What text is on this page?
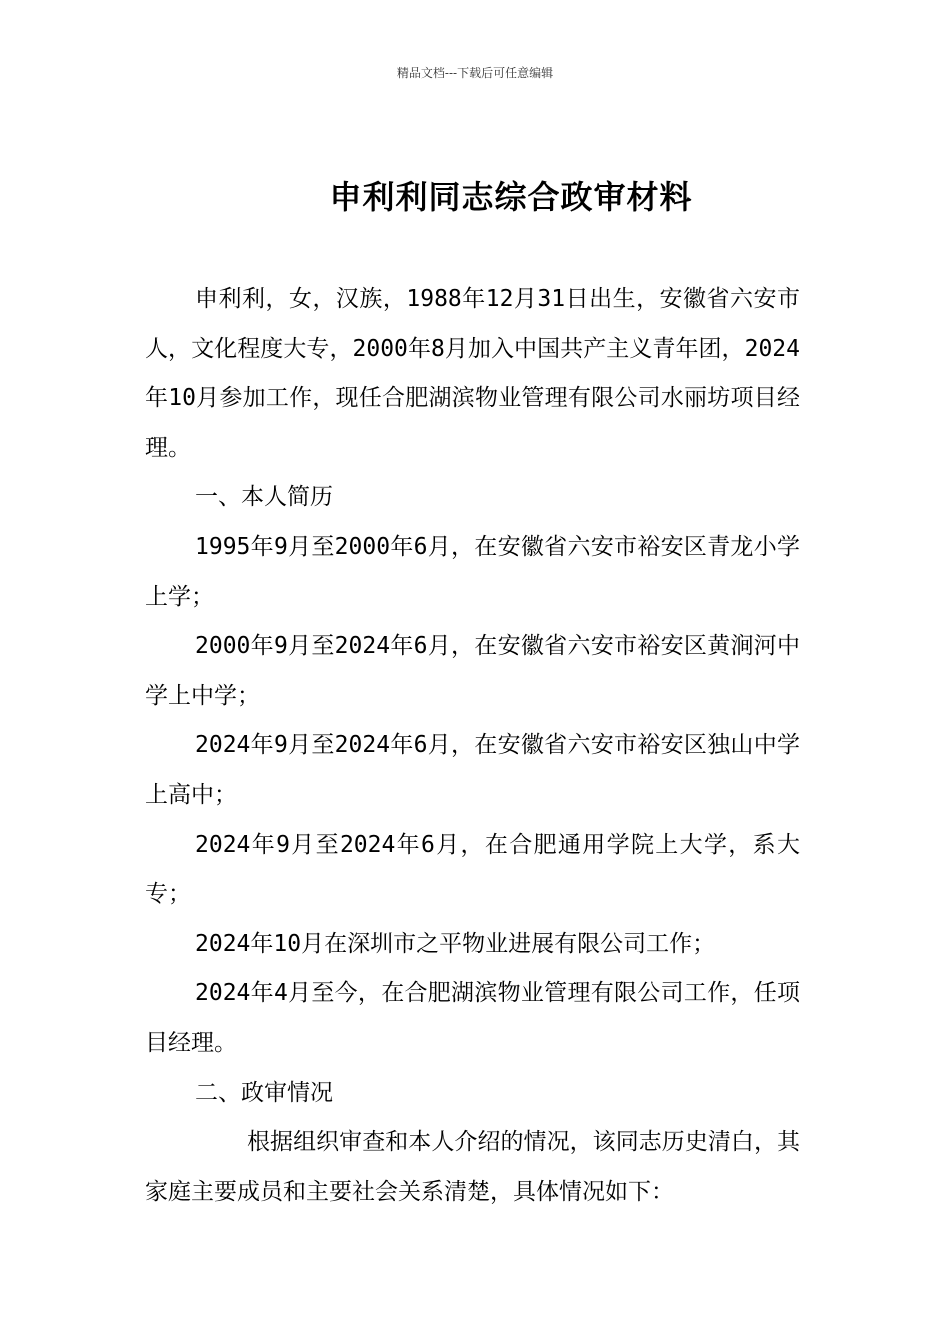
精品文档---下载后可任意编辑
申利利同志综合政审材料

申利利，女，汉族，1988年12月31日出生，安徽省六安市人，文化程度大专，2000年8月加入中国共产主义青年团，2024年10月参加工作，现任合肥湖滨物业管理有限公司水丽坊项目经理。

一、本人简历

1995年9月至2000年6月，在安徽省六安市裕安区青龙小学上学；

2000年9月至2024年6月，在安徽省六安市裕安区黄涧河中学上中学；

2024年9月至2024年6月，在安徽省六安市裕安区独山中学上高中；

2024年9月至2024年6月，在合肥通用学院上大学，系大专；

2024年10月在深圳市之平物业进展有限公司工作；

2024年4月至今，在合肥湖滨物业管理有限公司工作，任项目经理。

二、政审情况

根据组织审查和本人介绍的情况，该同志历史清白，其家庭主要成员和主要社会关系清楚，具体情况如下：
